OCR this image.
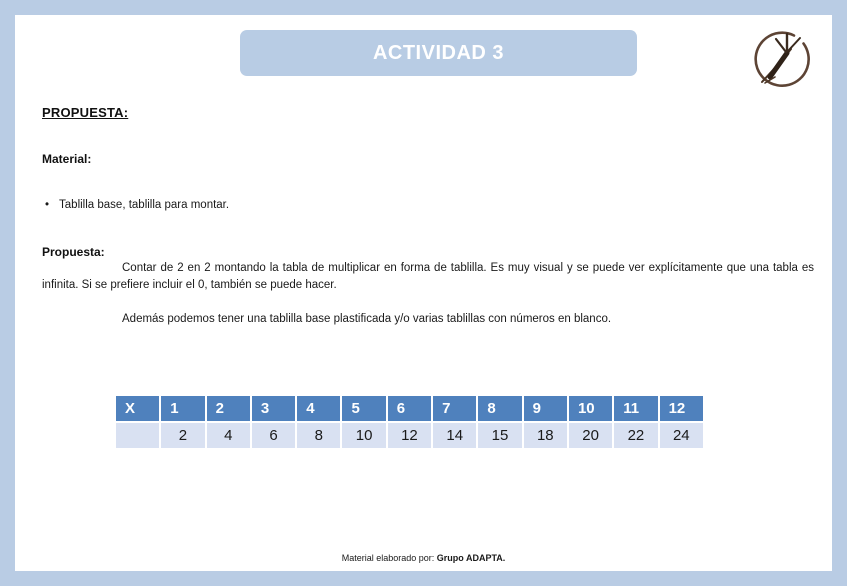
ACTIVIDAD 3
PROPUESTA:
Material:
• Tablilla base, tablilla para montar.
Propuesta:
Contar de 2 en 2 montando la tabla de multiplicar en forma de tablilla. Es muy visual y se puede ver explícitamente que una tabla es infinita. Si se prefiere incluir el 0, también se puede hacer.
Además podemos tener una tablilla base plastificada y/o varias tablillas con números en blanco.
X	1	2	3	4	5	6	7	8	9	10	11	12
	2	4	6	8	10	12	14	15	18	20	22	24
Material elaborado por: Grupo ADAPTA.
